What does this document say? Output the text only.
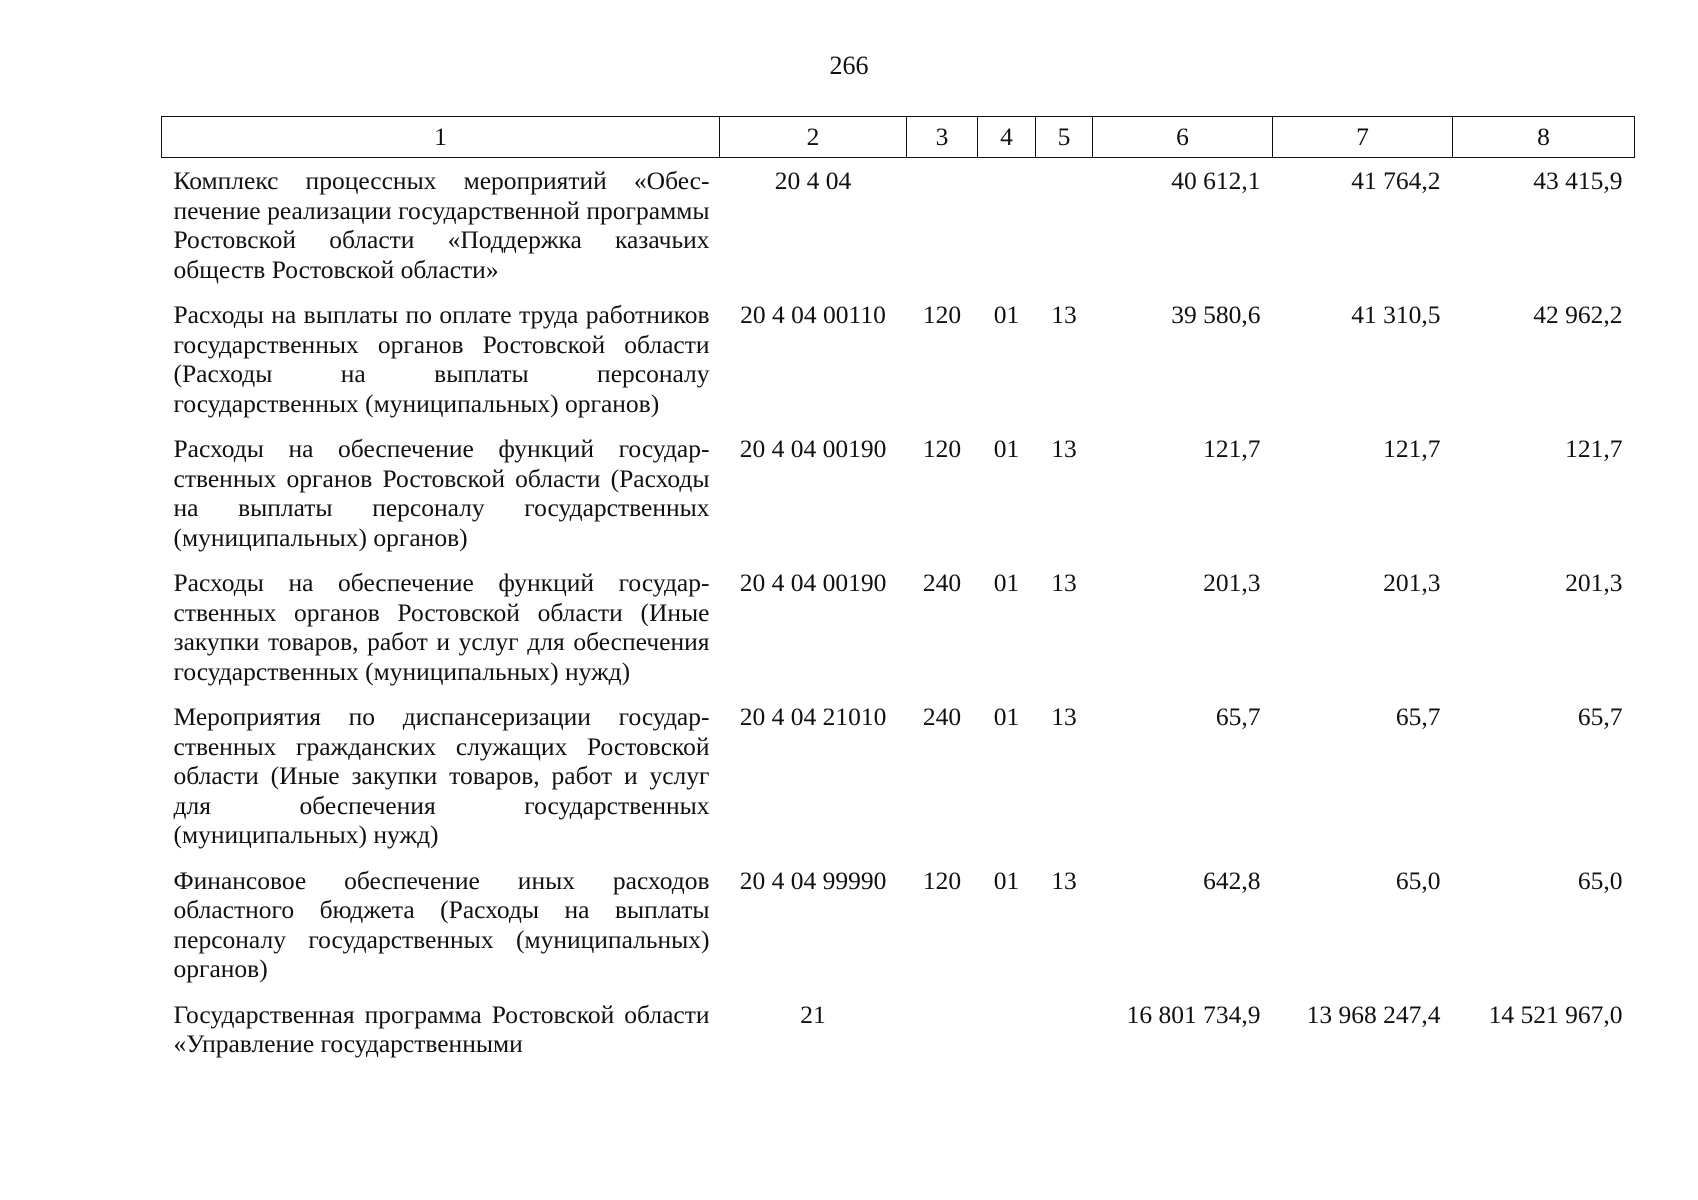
266
1	2	3	4	5	6	7	8
Комплекс процессных мероприятий «Обеспечение реализации государственной программы Ростовской области «Поддержка казачьих обществ Ростовской области»	20 4 04				40 612,1	41 764,2	43 415,9
Расходы на выплаты по оплате труда работников государственных органов Ростовской области (Расходы на выплаты персоналу государственных (муниципальных) органов)	20 4 04 00110	120	01	13	39 580,6	41 310,5	42 962,2
Расходы на обеспечение функций государственных органов Ростовской области (Расходы на выплаты персоналу государственных (муниципальных) органов)	20 4 04 00190	120	01	13	121,7	121,7	121,7
Расходы на обеспечение функций государственных органов Ростовской области (Иные закупки товаров, работ и услуг для обеспечения государственных (муниципальных) нужд)	20 4 04 00190	240	01	13	201,3	201,3	201,3
Мероприятия по диспансеризации государственных гражданских служащих Ростовской области (Иные закупки товаров, работ и услуг для обеспечения государственных (муниципальных) нужд)	20 4 04 21010	240	01	13	65,7	65,7	65,7
Финансовое обеспечение иных расходов областного бюджета (Расходы на выплаты персоналу государственных (муниципальных) органов)	20 4 04 99990	120	01	13	642,8	65,0	65,0
Государственная программа Ростовской области «Управление государственными	21				16 801 734,9	13 968 247,4	14 521 967,0
